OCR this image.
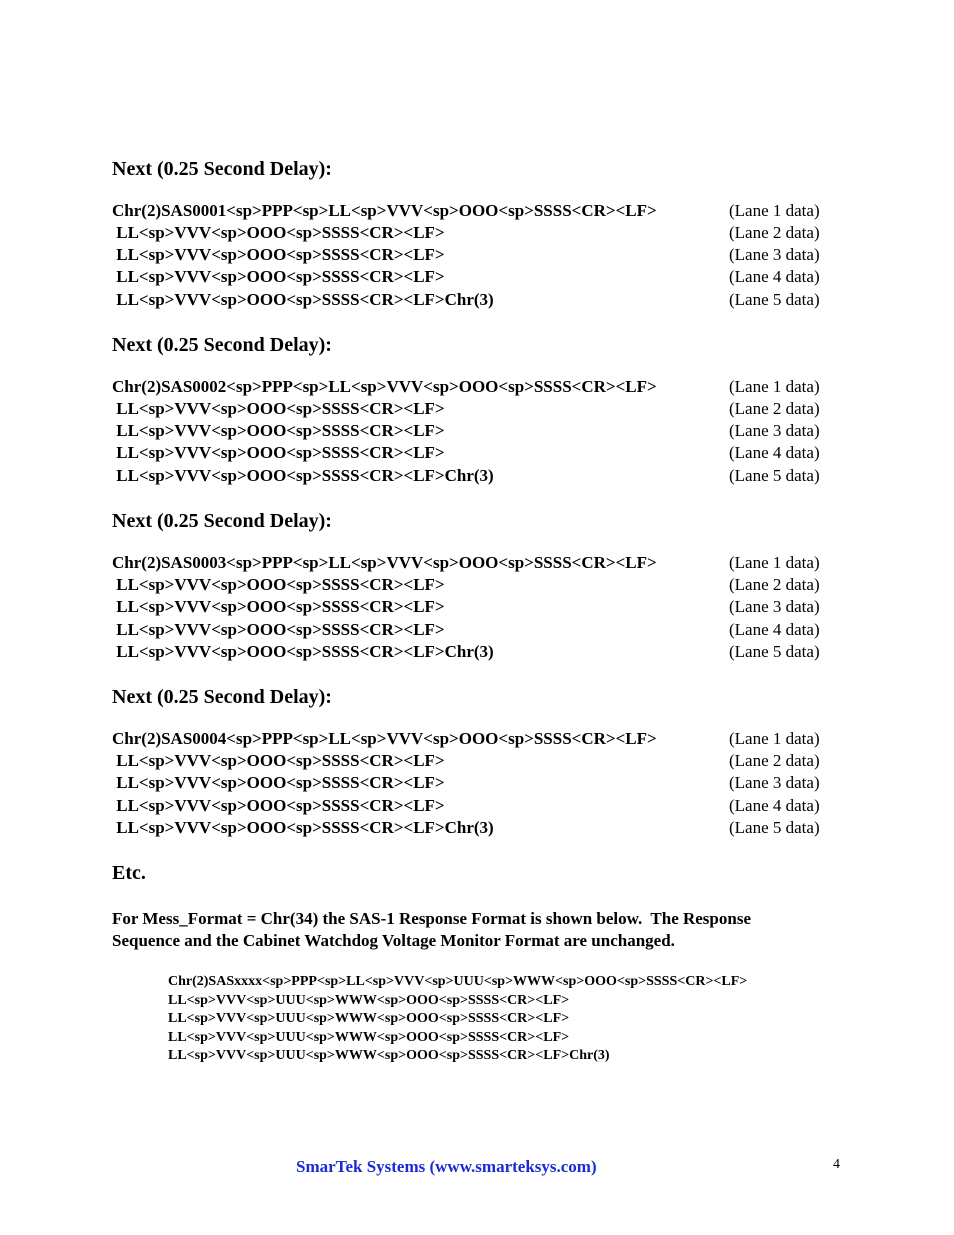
Next (0.25 Second Delay):
Chr(2)SAS0001<sp>PPP<sp>LL<sp>VVV<sp>OOO<sp>SSSS<CR><LF>	(Lane 1 data)
LL<sp>VVV<sp>OOO<sp>SSSS<CR><LF>	(Lane 2 data)
LL<sp>VVV<sp>OOO<sp>SSSS<CR><LF>	(Lane 3 data)
LL<sp>VVV<sp>OOO<sp>SSSS<CR><LF>	(Lane 4 data)
LL<sp>VVV<sp>OOO<sp>SSSS<CR><LF>Chr(3)	(Lane 5 data)
Next (0.25 Second Delay):
Chr(2)SAS0002<sp>PPP<sp>LL<sp>VVV<sp>OOO<sp>SSSS<CR><LF>	(Lane 1 data)
LL<sp>VVV<sp>OOO<sp>SSSS<CR><LF>	(Lane 2 data)
LL<sp>VVV<sp>OOO<sp>SSSS<CR><LF>	(Lane 3 data)
LL<sp>VVV<sp>OOO<sp>SSSS<CR><LF>	(Lane 4 data)
LL<sp>VVV<sp>OOO<sp>SSSS<CR><LF>Chr(3)	(Lane 5 data)
Next (0.25 Second Delay):
Chr(2)SAS0003<sp>PPP<sp>LL<sp>VVV<sp>OOO<sp>SSSS<CR><LF>	(Lane 1 data)
LL<sp>VVV<sp>OOO<sp>SSSS<CR><LF>	(Lane 2 data)
LL<sp>VVV<sp>OOO<sp>SSSS<CR><LF>	(Lane 3 data)
LL<sp>VVV<sp>OOO<sp>SSSS<CR><LF>	(Lane 4 data)
LL<sp>VVV<sp>OOO<sp>SSSS<CR><LF>Chr(3)	(Lane 5 data)
Next (0.25 Second Delay):
Chr(2)SAS0004<sp>PPP<sp>LL<sp>VVV<sp>OOO<sp>SSSS<CR><LF>	(Lane 1 data)
LL<sp>VVV<sp>OOO<sp>SSSS<CR><LF>	(Lane 2 data)
LL<sp>VVV<sp>OOO<sp>SSSS<CR><LF>	(Lane 3 data)
LL<sp>VVV<sp>OOO<sp>SSSS<CR><LF>	(Lane 4 data)
LL<sp>VVV<sp>OOO<sp>SSSS<CR><LF>Chr(3)	(Lane 5 data)
Etc.
For Mess_Format = Chr(34) the SAS-1 Response Format is shown below.  The Response
Sequence and the Cabinet Watchdog Voltage Monitor Format are unchanged.
Chr(2)SASxxxx<sp>PPP<sp>LL<sp>VVV<sp>UUU<sp>WWW<sp>OOO<sp>SSSS<CR><LF>
LL<sp>VVV<sp>UUU<sp>WWW<sp>OOO<sp>SSSS<CR><LF>
LL<sp>VVV<sp>UUU<sp>WWW<sp>OOO<sp>SSSS<CR><LF>
LL<sp>VVV<sp>UUU<sp>WWW<sp>OOO<sp>SSSS<CR><LF>
LL<sp>VVV<sp>UUU<sp>WWW<sp>OOO<sp>SSSS<CR><LF>Chr(3)
SmarTek Systems (www.smarteksys.com)	4
